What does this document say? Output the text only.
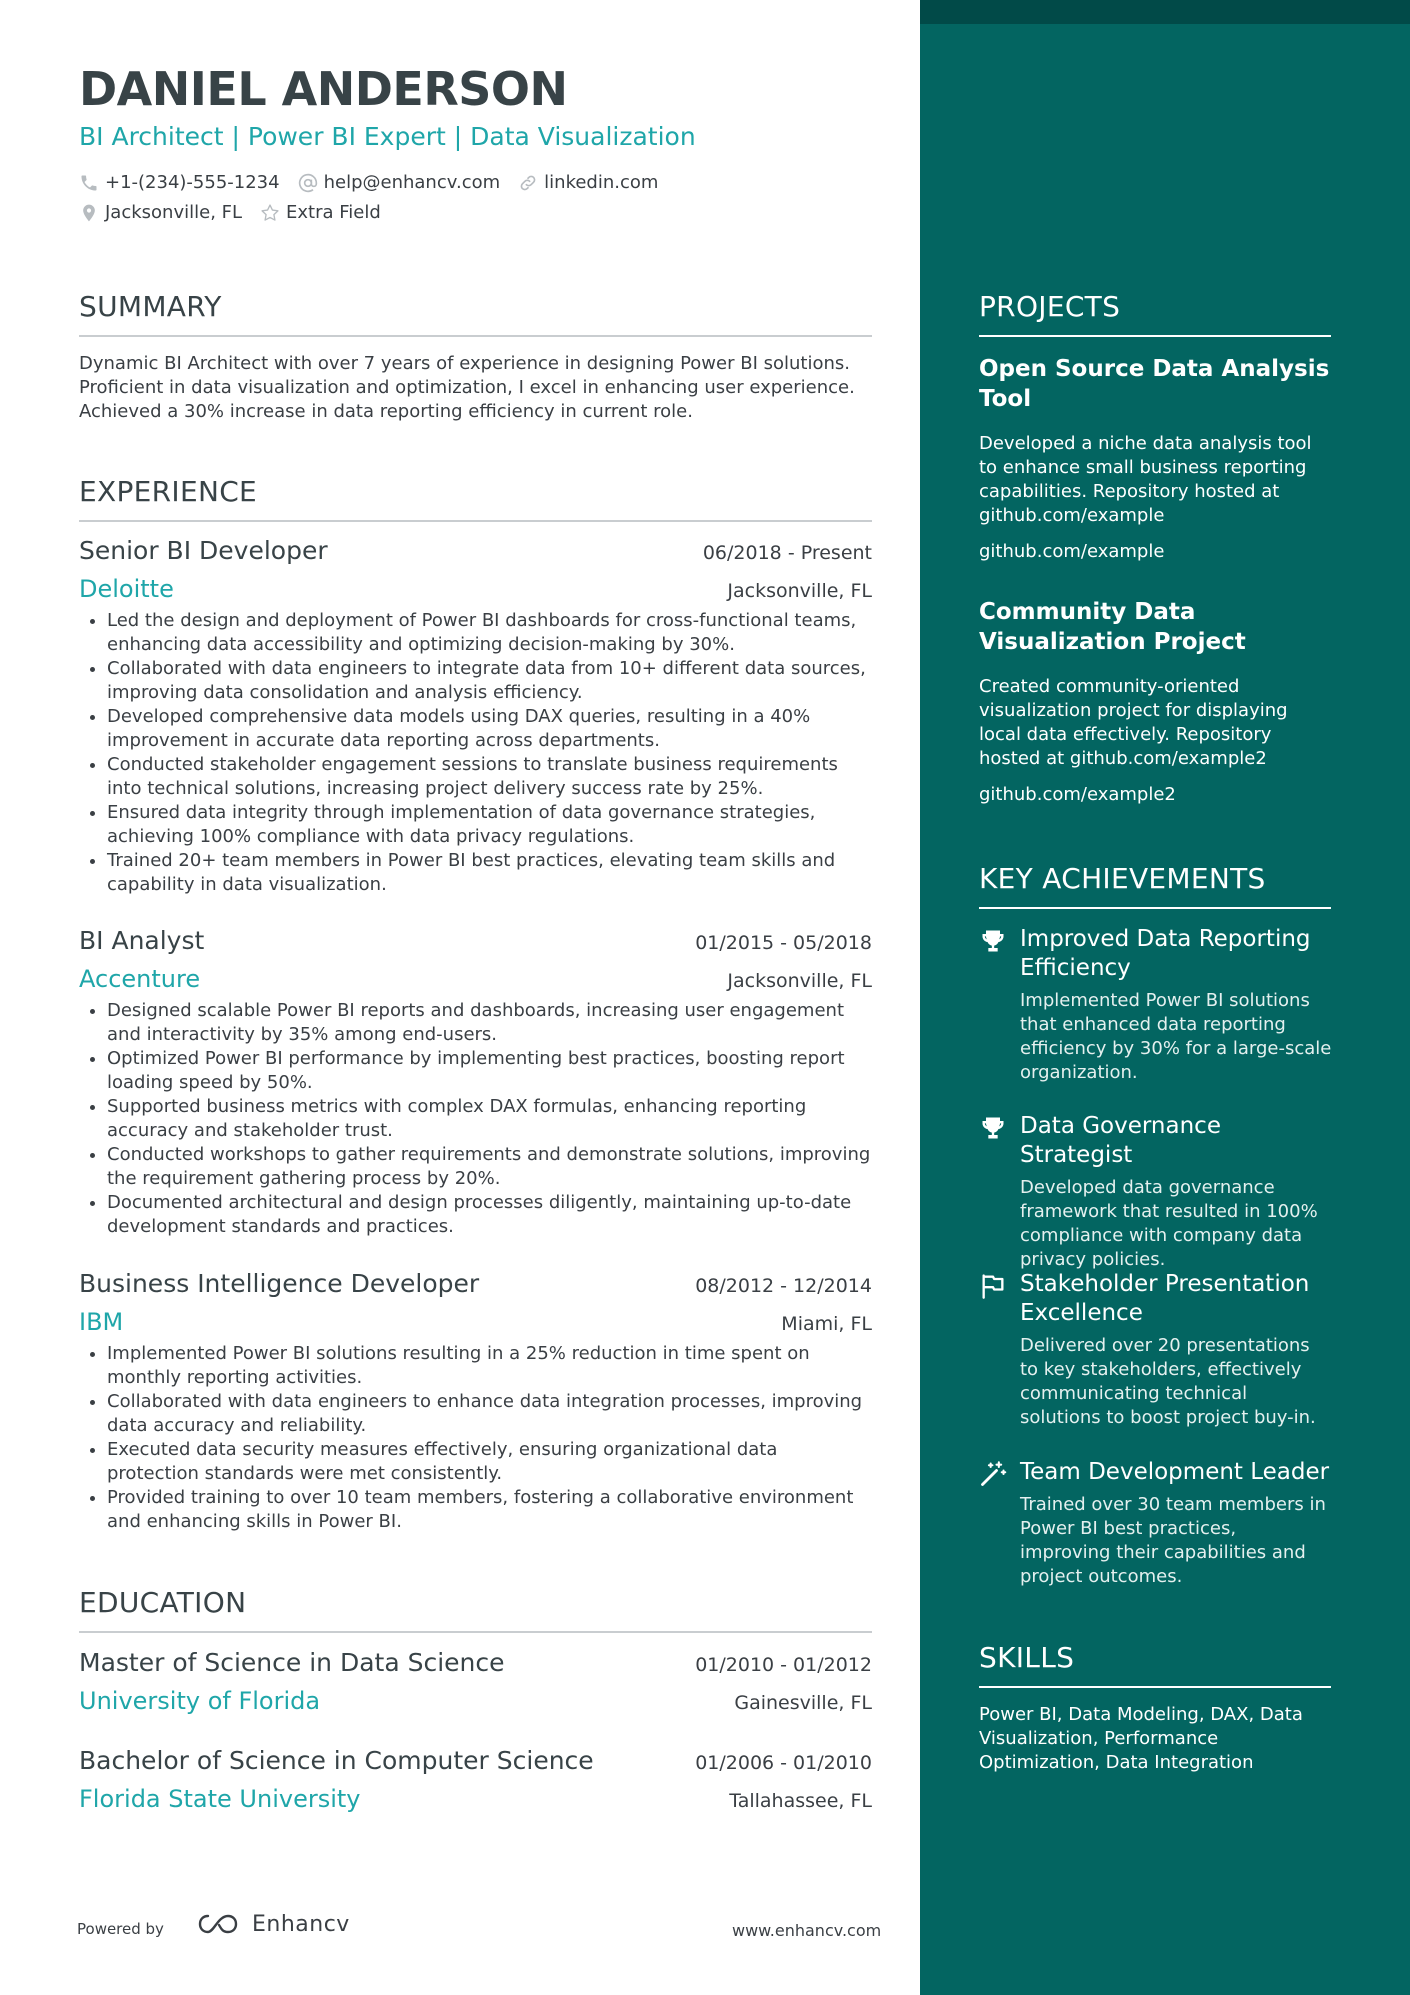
DANIEL ANDERSON
BI Architect | Power BI Expert | Data Visualization
+1-(234)-555-1234 help@enhancv.com linkedin.com
Jacksonville, FL Extra Field
SUMMARY
Dynamic BI Architect with over 7 years of experience in designing Power BI solutions. Proficient in data visualization and optimization, I excel in enhancing user experience. Achieved a 30% increase in data reporting efficiency in current role.
EXPERIENCE
Senior BI Developer	06/2018 - Present
Deloitte	Jacksonville, FL
• Led the design and deployment of Power BI dashboards for cross-functional teams, enhancing data accessibility and optimizing decision-making by 30%.
• Collaborated with data engineers to integrate data from 10+ different data sources, improving data consolidation and analysis efficiency.
• Developed comprehensive data models using DAX queries, resulting in a 40% improvement in accurate data reporting across departments.
• Conducted stakeholder engagement sessions to translate business requirements into technical solutions, increasing project delivery success rate by 25%.
• Ensured data integrity through implementation of data governance strategies, achieving 100% compliance with data privacy regulations.
• Trained 20+ team members in Power BI best practices, elevating team skills and capability in data visualization.
BI Analyst	01/2015 - 05/2018
Accenture	Jacksonville, FL
• Designed scalable Power BI reports and dashboards, increasing user engagement and interactivity by 35% among end-users.
• Optimized Power BI performance by implementing best practices, boosting report loading speed by 50%.
• Supported business metrics with complex DAX formulas, enhancing reporting accuracy and stakeholder trust.
• Conducted workshops to gather requirements and demonstrate solutions, improving the requirement gathering process by 20%.
• Documented architectural and design processes diligently, maintaining up-to-date development standards and practices.
Business Intelligence Developer	08/2012 - 12/2014
IBM	Miami, FL
• Implemented Power BI solutions resulting in a 25% reduction in time spent on monthly reporting activities.
• Collaborated with data engineers to enhance data integration processes, improving data accuracy and reliability.
• Executed data security measures effectively, ensuring organizational data protection standards were met consistently.
• Provided training to over 10 team members, fostering a collaborative environment and enhancing skills in Power BI.
EDUCATION
Master of Science in Data Science	01/2010 - 01/2012
University of Florida	Gainesville, FL
Bachelor of Science in Computer Science	01/2006 - 01/2010
Florida State University	Tallahassee, FL
Powered by	Enhancv	www.enhancv.com
PROJECTS
Open Source Data Analysis Tool
Developed a niche data analysis tool to enhance small business reporting capabilities. Repository hosted at github.com/example
github.com/example
Community Data Visualization Project
Created community-oriented visualization project for displaying local data effectively. Repository hosted at github.com/example2
github.com/example2
KEY ACHIEVEMENTS
Improved Data Reporting Efficiency
Implemented Power BI solutions that enhanced data reporting efficiency by 30% for a large-scale organization.
Data Governance Strategist
Developed data governance framework that resulted in 100% compliance with company data privacy policies.
Stakeholder Presentation Excellence
Delivered over 20 presentations to key stakeholders, effectively communicating technical solutions to boost project buy-in.
Team Development Leader
Trained over 30 team members in Power BI best practices, improving their capabilities and project outcomes.
SKILLS
Power BI, Data Modeling, DAX, Data Visualization, Performance Optimization, Data Integration
